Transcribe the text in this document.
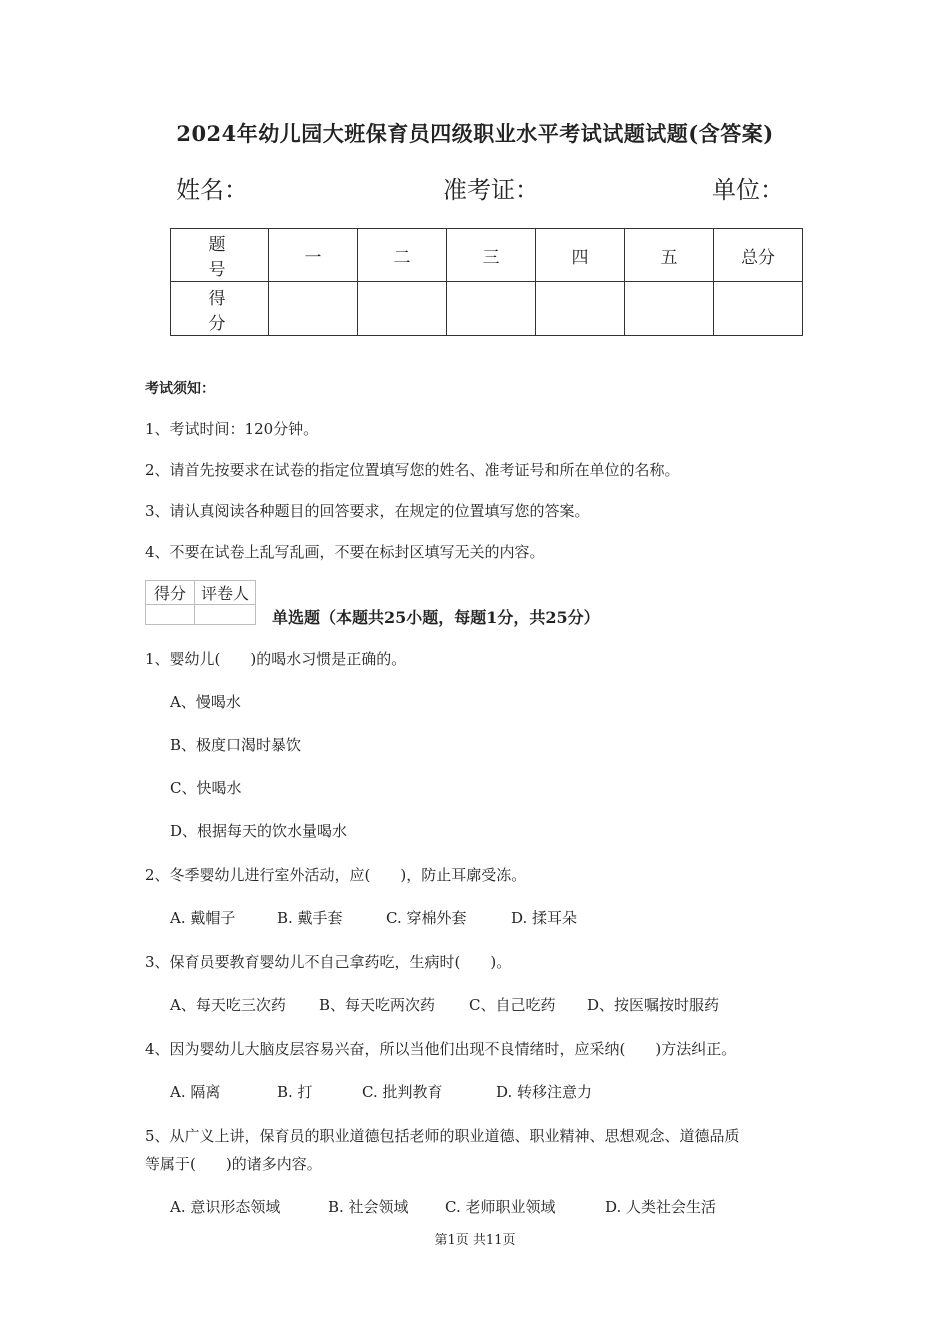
2024年幼儿园大班保育员四级职业水平考试试题试题(含答案)
姓名：	准考证：	单位：
题　号	一	二	三	四	五	总分
得　分						
考试须知：
1、考试时间：120分钟。
2、请首先按要求在试卷的指定位置填写您的姓名、准考证号和所在单位的名称。
3、请认真阅读各种题目的回答要求，在规定的位置填写您的答案。
4、不要在试卷上乱写乱画，不要在标封区填写无关的内容。
得分	评卷人

单选题（本题共25小题，每题1分，共25分）
1、婴幼儿(　　)的喝水习惯是正确的。
A、慢喝水
B、极度口渴时暴饮
C、快喝水
D、根据每天的饮水量喝水
2、冬季婴幼儿进行室外活动，应(　　)，防止耳廓受冻。
A. 戴帽子	B. 戴手套	C. 穿棉外套	D. 揉耳朵
3、保育员要教育婴幼儿不自己拿药吃，生病时(　　)。
A、每天吃三次药	B、每天吃两次药	C、自己吃药	D、按医嘱按时服药
4、因为婴幼儿大脑皮层容易兴奋，所以当他们出现不良情绪时，应采纳(　　)方法纠正。
A. 隔离	B. 打	C. 批判教育	D. 转移注意力
5、从广义上讲，保育员的职业道德包括老师的职业道德、职业精神、思想观念、道德品质
等属于(　　)的诸多内容。
A. 意识形态领域	B. 社会领域	C. 老师职业领域	D. 人类社会生活
第1页 共11页
